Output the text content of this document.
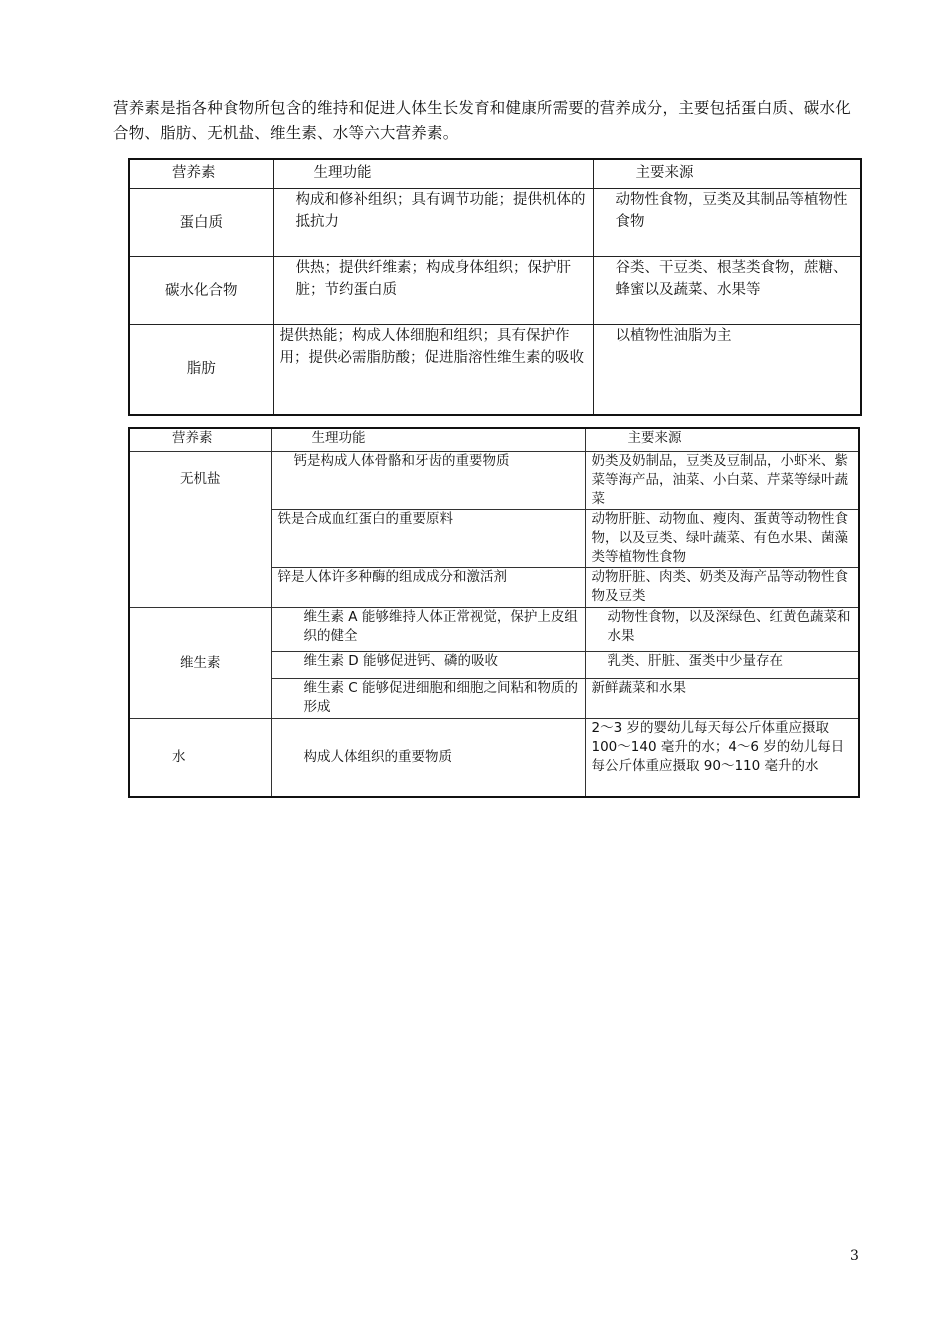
营养素是指各种食物所包含的维持和促进人体生长发育和健康所需要的营养成分，主要包括蛋白质、碳水化合物、脂肪、无机盐、维生素、水等六大营养素。

营养素	生理功能	主要来源
蛋白质	构成和修补组织；具有调节功能；提供机体的抵抗力	动物性食物，豆类及其制品等植物性食物
碳水化合物	供热；提供纤维素；构成身体组织；保护肝脏；节约蛋白质	谷类、干豆类、根茎类食物，蔗糖、蜂蜜以及蔬菜、水果等
脂肪	提供热能；构成人体细胞和组织；具有保护作用；提供必需脂肪酸；促进脂溶性维生素的吸收	以植物性油脂为主
营养素	生理功能	主要来源
无机盐	钙是构成人体骨骼和牙齿的重要物质	奶类及奶制品，豆类及豆制品，小虾米、紫菜等海产品，油菜、小白菜、芹菜等绿叶蔬菜
	铁是合成血红蛋白的重要原料	动物肝脏、动物血、瘦肉、蛋黄等动物性食物，以及豆类、绿叶蔬菜、有色水果、菌藻类等植物性食物
	锌是人体许多种酶的组成成分和激活剂	动物肝脏、肉类、奶类及海产品等动物性食物及豆类
维生素	维生素 A 能够维持人体正常视觉，保护上皮组织的健全	动物性食物，以及深绿色、红黄色蔬菜和水果
	维生素 D 能够促进钙、磷的吸收	乳类、肝脏、蛋类中少量存在
	维生素 C 能够促进细胞和细胞之间粘和物质的形成	新鲜蔬菜和水果
水	构成人体组织的重要物质	2～3 岁的婴幼儿每天每公斤体重应摄取 100～140 毫升的水；4～6 岁的幼儿每日每公斤体重应摄取 90～110 毫升的水
3
